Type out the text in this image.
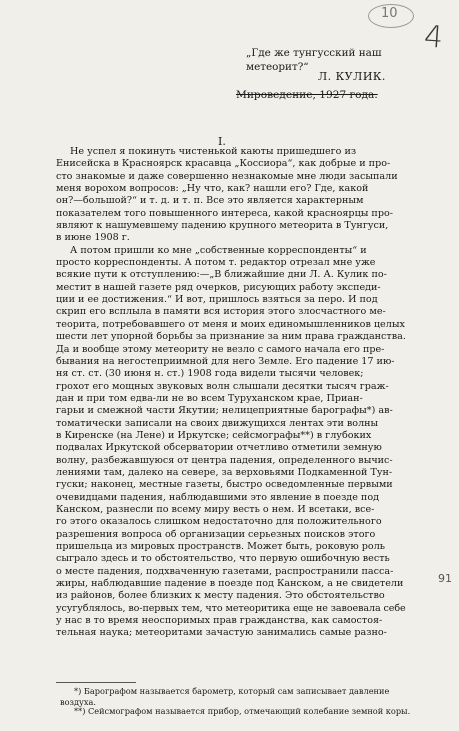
10
4
91
„Где же тунгусский наш
метеорит?“
Л. КУЛИК.
Мироведение, 1927 года.
I.
Не успел я покинуть чистенькой каюты пришедшего из
Енисейска в Красноярск красавца „Коссиора“, как добрые и про-
сто знакомые и даже совершенно незнакомые мне люди засыпали
меня ворохом вопросов: „Ну что, как? нашли его? Где, какой
он?—большой?“ и т. д. и т. п. Все это является характерным
показателем того повышенного интереса, какой красноярцы про-
являют к нашумевшему падению крупного метеорита в Тунгуси,
в июне 1908 г.
А потом пришли ко мне „собственные корреспонденты“ и
просто корреспонденты. А потом т. редактор отрезал мне уже
всякие пути к отступлению:—„В ближайшие дни Л. А. Кулик по-
местит в нашей газете ряд очерков, рисующих работу экспеди-
ции и ее достижения.“ И вот, пришлось взяться за перо. И под
скрип его всплыла в памяти вся история этого злосчастного ме-
теорита, потребовавшего от меня и моих единомышленников целых
шести лет упорной борьбы за признание за ним права гражданства.
Да и вообще этому метеориту не везло с самого начала его пре-
бывания на негостеприимной для него Земле. Его падение 17 ию-
ня ст. ст. (30 июня н. ст.) 1908 года видели тысячи человек;
грохот его мощных звуковых волн слышали десятки тысяч граж-
дан и при том едва-ли не во всем Туруханском крае, Приан-
гарьи и смежной части Якутии; нелицеприятные барографы*) ав-
томатически записали на своих движущихся лентах эти волны
в Киренске (на Лене) и Иркутске; сейсмографы**) в глубоких
подвалах Иркутской обсерватории отчетливо отметили земную
волну, разбежавшуюся от центра падения, определенного вычис-
лениями там, далеко на севере, за верховьями Подкаменной Тун-
гуски; наконец, местные газеты, быстро осведомленные первыми
очевидцами падения, наблюдавшими это явление в поезде под
Канском, разнесли по всему миру весть о нем. И всетаки, все-
го этого оказалось слишком недостаточно для положительного
разрешения вопроса об организации серьезных поисков этого
пришельца из мировых пространств. Может быть, роковую роль
сыграло здесь и то обстоятельство, что первую ошибочную весть
о месте падения, подхваченную газетами, распространили пасса-
жиры, наблюдавшие падение в поезде под Канском, а не свидетели
из районов, более близких к месту падения. Это обстоятельство
усугублялось, во-первых тем, что метеоритика еще не завоевала себе
у нас в то время неоспоримых прав гражданства, как самостоя-
тельная наука; метеоритами зачастую занимались самые разно-
*) Барографом называется барометр, который сам записывает давление
воздуха.
**) Сейсмографом называется прибор, отмечающий колебание земной коры.
